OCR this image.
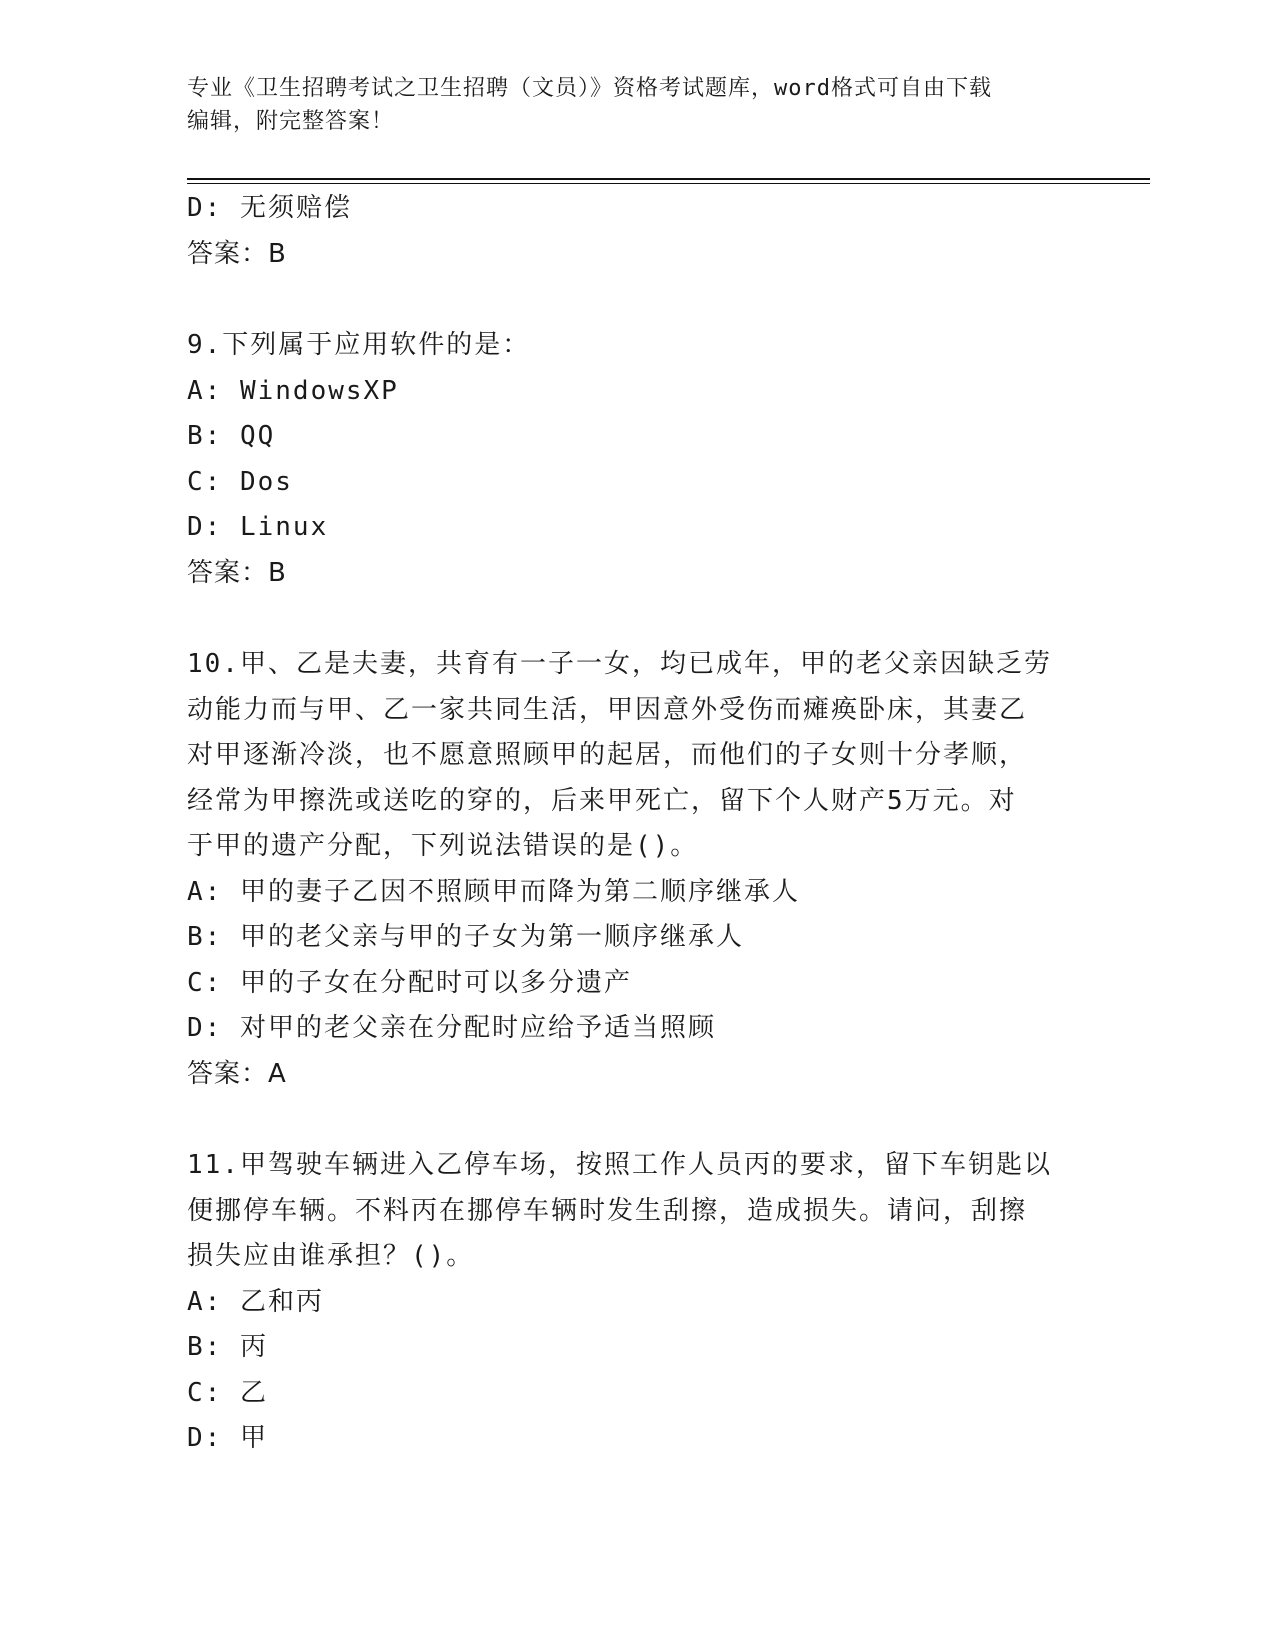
专业《卫生招聘考试之卫生招聘（文员）》资格考试题库，word格式可自由下载
编辑，附完整答案！
D: 无须赔偿
答案：B
9.下列属于应用软件的是：
A: WindowsXP
B: QQ
C: Dos
D: Linux
答案：B
10.甲、乙是夫妻，共育有一子一女，均已成年，甲的老父亲因缺乏劳
动能力而与甲、乙一家共同生活，甲因意外受伤而瘫痪卧床，其妻乙
对甲逐渐冷淡，也不愿意照顾甲的起居，而他们的子女则十分孝顺，
经常为甲擦洗或送吃的穿的，后来甲死亡，留下个人财产5万元。对
于甲的遗产分配，下列说法错误的是()。
A: 甲的妻子乙因不照顾甲而降为第二顺序继承人
B: 甲的老父亲与甲的子女为第一顺序继承人
C: 甲的子女在分配时可以多分遗产
D: 对甲的老父亲在分配时应给予适当照顾
答案：A
11.甲驾驶车辆进入乙停车场，按照工作人员丙的要求，留下车钥匙以
便挪停车辆。不料丙在挪停车辆时发生刮擦，造成损失。请问，刮擦
损失应由谁承担？()。
A: 乙和丙
B: 丙
C: 乙
D: 甲
